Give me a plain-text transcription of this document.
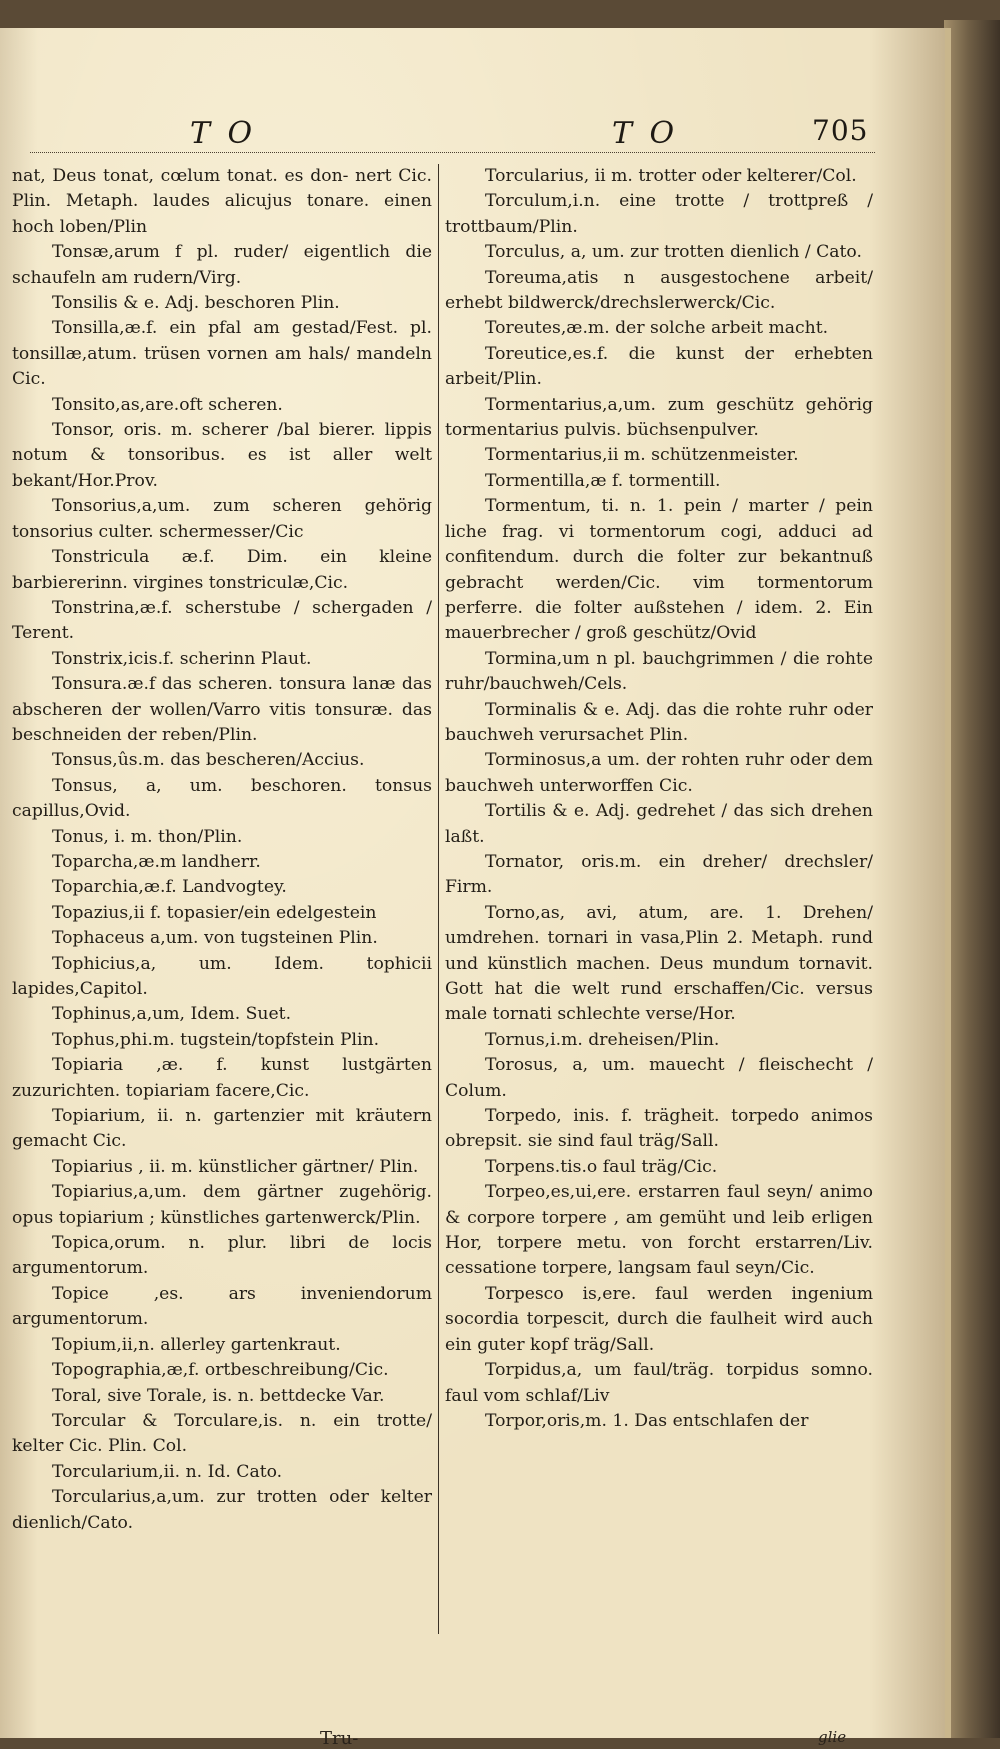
T O	T O	705

nat, Deus tonat, cœlum tonat. es don- nert Cic. Plin. Metaph. laudes alicujus tonare. einen hoch loben/Plin

Tonsæ,arum f pl. ruder/ eigentlich die schaufeln am rudern/Virg.

Tonsilis & e. Adj. beschoren Plin.

Tonsilla,æ.f. ein pfal am gestad/Fest. pl. tonsillæ,atum. trüsen vornen am hals/ mandeln Cic.

Tonsito,as,are.oft scheren.

Tonsor, oris. m. scherer /bal bierer. lippis notum & tonsoribus. es ist aller welt bekant/Hor.Prov.

Tonsorius,a,um. zum scheren gehörig tonsorius culter. schermesser/Cic

Tonstricula æ.f. Dim. ein kleine barbiererinn. virgines tonstriculæ,Cic.

Tonstrina,æ.f. scherstube / schergaden / Terent.

Tonstrix,icis.f. scherinn Plaut.

Tonsura.æ.f das scheren. tonsura lanæ das abscheren der wollen/Varro vitis tonsuræ. das beschneiden der reben/Plin.

Tonsus,ûs.m. das bescheren/Accius.

Tonsus, a, um. beschoren. tonsus capillus,Ovid.

Tonus, i. m. thon/Plin.

Toparcha,æ.m landherr.

Toparchia,æ.f. Landvogtey.

Topazius,ii f. topasier/ein edelgestein

Tophaceus a,um. von tugsteinen Plin.

Tophicius,a, um. Idem. tophicii lapides,Capitol.

Tophinus,a,um, Idem. Suet.

Tophus,phi.m. tugstein/topfstein Plin.

Topiaria ,æ. f. kunst lustgärten zuzurichten. topiariam facere,Cic.

Topiarium, ii. n. gartenzier mit kräutern gemacht Cic.

Topiarius , ii. m. künstlicher gärtner/ Plin.

Topiarius,a,um. dem gärtner zugehörig. opus topiarium ; künstliches gartenwerck/Plin.

Topica,orum. n. plur. libri de locis argumentorum.

Topice ,es. ars inveniendorum argumentorum.

Topium,ii,n. allerley gartenkraut.

Topographia,æ,f. ortbeschreibung/Cic.

Toral, sive Torale, is. n. bettdecke Var.

Torcular & Torculare,is. n. ein trotte/ kelter Cic. Plin. Col.

Torcularium,ii. n. Id. Cato.

Torcularius,a,um. zur trotten oder kelter dienlich/Cato.

Torcularius, ii m. trotter oder kelterer/Col.

Torculum,i.n. eine trotte / trottpreß / trottbaum/Plin.

Torculus, a, um. zur trotten dienlich / Cato.

Toreuma,atis n ausgestochene arbeit/ erhebt bildwerck/drechslerwerck/Cic.

Toreutes,æ.m. der solche arbeit macht.

Toreutice,es.f. die kunst der erhebten arbeit/Plin.

Tormentarius,a,um. zum geschütz gehörig tormentarius pulvis. büchsenpulver.

Tormentarius,ii m. schützenmeister.

Tormentilla,æ f. tormentill.

Tormentum, ti. n. 1. pein / marter / pein liche frag. vi tormentorum cogi, adduci ad confitendum. durch die folter zur bekantnuß gebracht werden/Cic. vim tormentorum perferre. die folter außstehen / idem. 2. Ein mauerbrecher / groß geschütz/Ovid

Tormina,um n pl. bauchgrimmen / die rohte ruhr/bauchweh/Cels.

Torminalis & e. Adj. das die rohte ruhr oder bauchweh verursachet Plin.

Torminosus,a um. der rohten ruhr oder dem bauchweh unterworffen Cic.

Tortilis & e. Adj. gedrehet / das sich drehen laßt.

Tornator, oris.m. ein dreher/ drechsler/ Firm.

Torno,as, avi, atum, are. 1. Drehen/ umdrehen. tornari in vasa,Plin 2. Metaph. rund und künstlich machen. Deus mundum tornavit. Gott hat die welt rund erschaffen/Cic. versus male tornati schlechte verse/Hor.

Tornus,i.m. dreheisen/Plin.

Torosus, a, um. mauecht / fleischecht / Colum.

Torpedo, inis. f. trägheit. torpedo animos obrepsit. sie sind faul träg/Sall.

Torpens.tis.o faul träg/Cic.

Torpeo,es,ui,ere. erstarren faul seyn/ animo & corpore torpere , am gemüht und leib erligen Hor, torpere metu. von forcht erstarren/Liv. cessatione torpere, langsam faul seyn/Cic.

Torpesco is,ere. faul werden ingenium socordia torpescit, durch die faulheit wird auch ein guter kopf träg/Sall.

Torpidus,a, um faul/träg. torpidus somno. faul vom schlaf/Liv

Torpor,oris,m. 1. Das entschlafen der

Tru-	glie
